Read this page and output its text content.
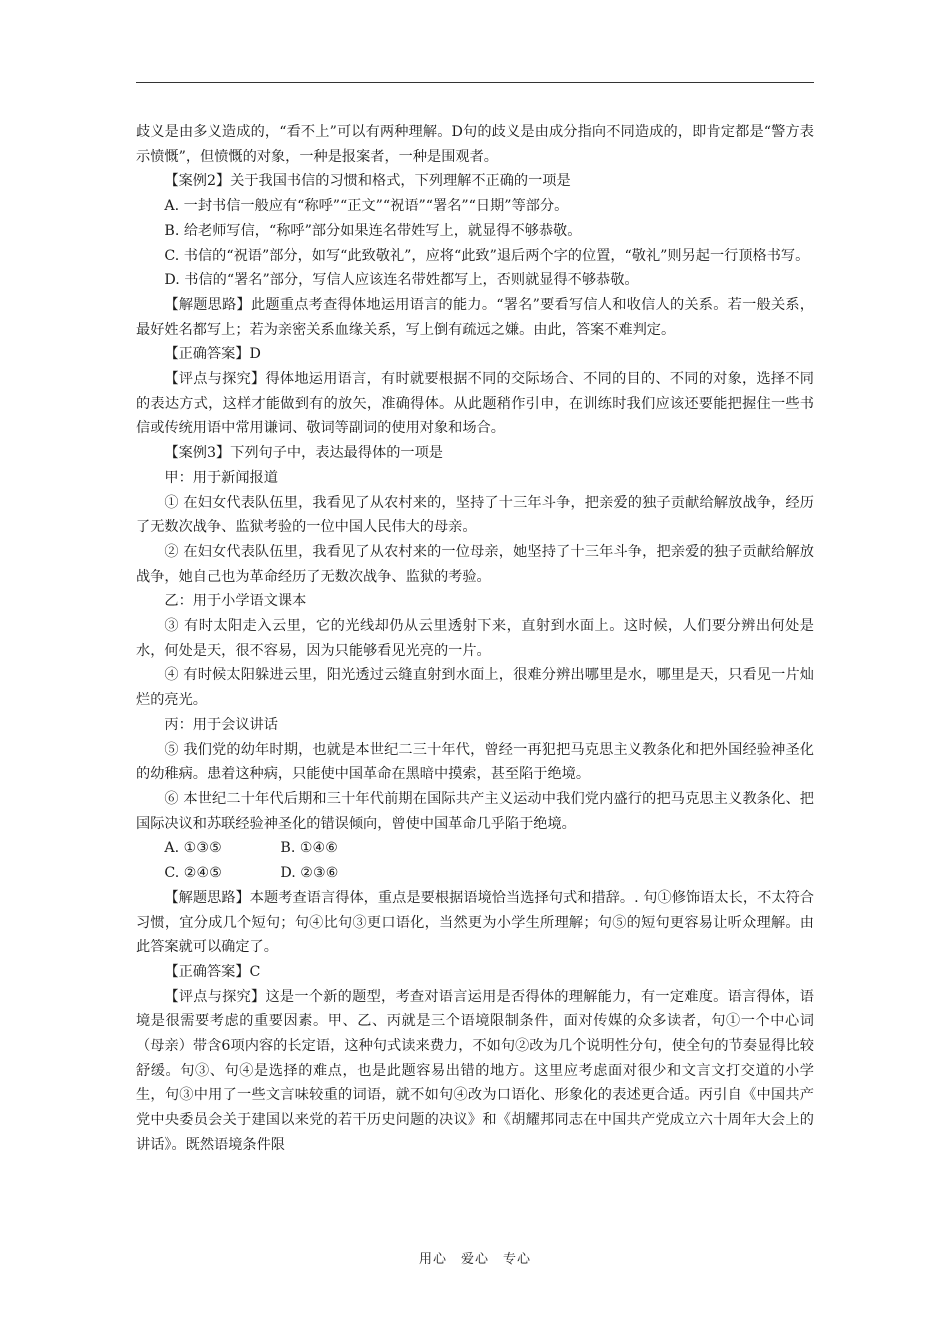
歧义是由多义造成的，“看不上”可以有两种理解。D句的歧义是由成分指向不同造成的，即肯定都是“警方表示愤慨”，但愤慨的对象，一种是报案者，一种是围观者。

【案例2】关于我国书信的习惯和格式，下列理解不正确的一项是

A. 一封书信一般应有“称呼”“正文”“祝语”“署名”“日期”等部分。

B. 给老师写信，“称呼”部分如果连名带姓写上，就显得不够恭敬。

C. 书信的“祝语”部分，如写“此致敬礼”，应将“此致”退后两个字的位置，“敬礼”则另起一行顶格书写。

D. 书信的“署名”部分，写信人应该连名带姓都写上，否则就显得不够恭敬。

【解题思路】此题重点考查得体地运用语言的能力。“署名”要看写信人和收信人的关系。若一般关系，最好姓名都写上；若为亲密关系血缘关系，写上倒有疏远之嫌。由此，答案不难判定。

【正确答案】D

【评点与探究】得体地运用语言，有时就要根据不同的交际场合、不同的目的、不同的对象，选择不同的表达方式，这样才能做到有的放矢，准确得体。从此题稍作引申，在训练时我们应该还要能把握住一些书信或传统用语中常用谦词、敬词等副词的使用对象和场合。

【案例3】下列句子中，表达最得体的一项是

甲：用于新闻报道

① 在妇女代表队伍里，我看见了从农村来的，坚持了十三年斗争，把亲爱的独子贡献给解放战争，经历了无数次战争、监狱考验的一位中国人民伟大的母亲。

② 在妇女代表队伍里，我看见了从农村来的一位母亲，她坚持了十三年斗争，把亲爱的独子贡献给解放战争，她自己也为革命经历了无数次战争、监狱的考验。

乙：用于小学语文课本

③ 有时太阳走入云里，它的光线却仍从云里透射下来，直射到水面上。这时候，人们要分辨出何处是水，何处是天，很不容易，因为只能够看见光亮的一片。

④ 有时候太阳躲进云里，阳光透过云缝直射到水面上，很难分辨出哪里是水，哪里是天，只看见一片灿烂的亮光。

丙：用于会议讲话

⑤ 我们党的幼年时期，也就是本世纪二三十年代，曾经一再犯把马克思主义教条化和把外国经验神圣化的幼稚病。患着这种病，只能使中国革命在黑暗中摸索，甚至陷于绝境。

⑥ 本世纪二十年代后期和三十年代前期在国际共产主义运动中我们党内盛行的把马克思主义教条化、把国际决议和苏联经验神圣化的错误倾向，曾使中国革命几乎陷于绝境。

A. ①③⑤	B. ①④⑥
C. ②④⑤	D. ②③⑥

【解题思路】本题考查语言得体，重点是要根据语境恰当选择句式和措辞。. 句①修饰语太长，不太符合习惯，宜分成几个短句；句④比句③更口语化，当然更为小学生所理解；句⑤的短句更容易让听众理解。由此答案就可以确定了。

【正确答案】C

【评点与探究】这是一个新的题型，考查对语言运用是否得体的理解能力，有一定难度。语言得体，语境是很需要考虑的重要因素。甲、乙、丙就是三个语境限制条件，面对传媒的众多读者，句①一个中心词（母亲）带含6项内容的长定语，这种句式读来费力，不如句②改为几个说明性分句，使全句的节奏显得比较舒缓。句③、句④是选择的难点，也是此题容易出错的地方。这里应考虑面对很少和文言文打交道的小学生，句③中用了一些文言味较重的词语，就不如句④改为口语化、形象化的表述更合适。丙引自《中国共产党中央委员会关于建国以来党的若干历史问题的决议》和《胡耀邦同志在中国共产党成立六十周年大会上的讲话》。既然语境条件限

用心　爱心　专心
